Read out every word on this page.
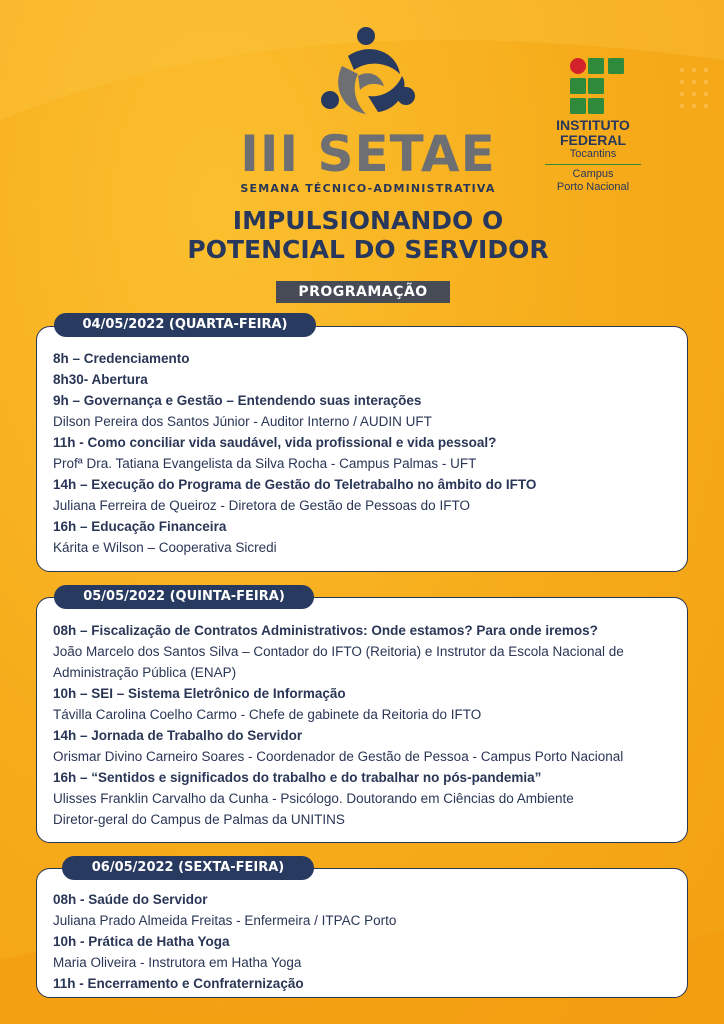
III SETAE
SEMANA TÉCNICO-ADMINISTRATIVA
IMPULSIONANDO O
POTENCIAL DO SERVIDOR
INSTITUTO
FEDERAL
Tocantins
Campus
Porto Nacional
PROGRAMAÇÃO
8h – Credenciamento
8h30- Abertura
9h – Governança e Gestão – Entendendo suas interações
Dilson Pereira dos Santos Júnior - Auditor Interno / AUDIN UFT
11h - Como conciliar vida saudável, vida profissional e vida pessoal?
Profª Dra. Tatiana Evangelista da Silva Rocha - Campus Palmas - UFT
14h – Execução do Programa de Gestão do Teletrabalho no âmbito do IFTO
Juliana Ferreira de Queiroz - Diretora de Gestão de Pessoas do IFTO
16h – Educação Financeira
Kárita e Wilson – Cooperativa Sicredi
04/05/2022 (QUARTA-FEIRA)
08h – Fiscalização de Contratos Administrativos: Onde estamos? Para onde iremos?
João Marcelo dos Santos Silva – Contador do IFTO (Reitoria) e Instrutor da Escola Nacional de
Administração Pública (ENAP)
10h – SEI – Sistema Eletrônico de Informação
Távilla Carolina Coelho Carmo - Chefe de gabinete da Reitoria do IFTO
14h – Jornada de Trabalho do Servidor
Orismar Divino Carneiro Soares - Coordenador de Gestão de Pessoa - Campus Porto Nacional
16h – “Sentidos e significados do trabalho e do trabalhar no pós-pandemia”
Ulisses Franklin Carvalho da Cunha - Psicólogo. Doutorando em Ciências do Ambiente
Diretor-geral do Campus de Palmas da UNITINS
05/05/2022 (QUINTA-FEIRA)
08h - Saúde do Servidor
Juliana Prado Almeida Freitas - Enfermeira / ITPAC Porto
10h - Prática de Hatha Yoga
Maria Oliveira - Instrutora em Hatha Yoga
11h - Encerramento e Confraternização
06/05/2022 (SEXTA-FEIRA)
